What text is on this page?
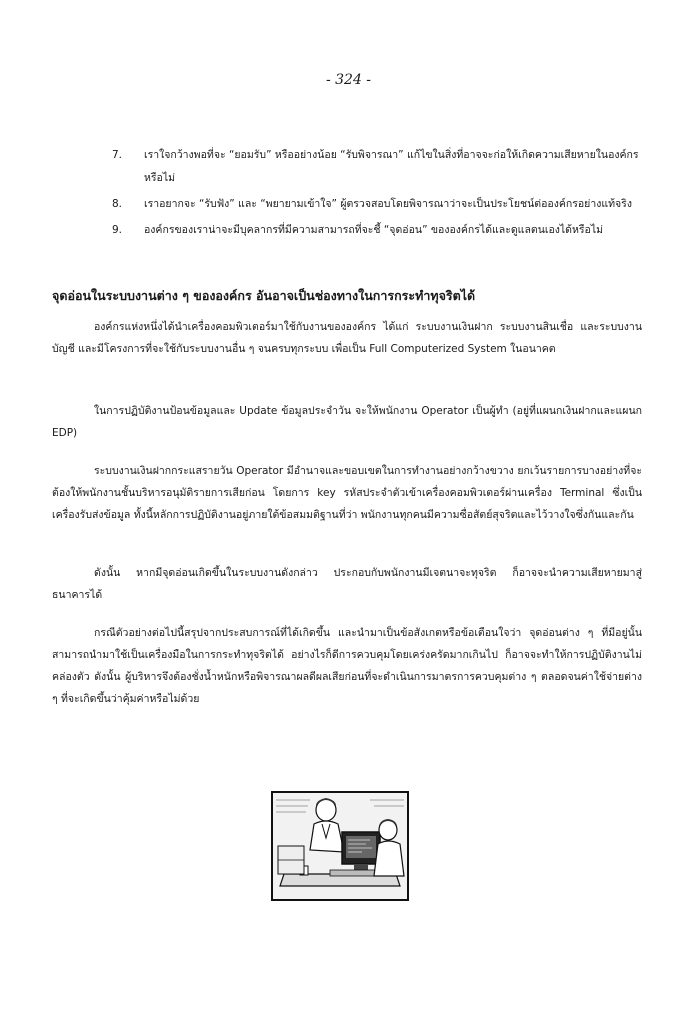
- 324 -
7. เราใจกว้างพอที่จะ “ยอมรับ” หรืออย่างน้อย “รับพิจารณา” แก้ไขในสิ่งที่อาจจะก่อให้เกิดความเสียหายในองค์กรหรือไม่
8. เราอยากจะ “รับฟัง” และ “พยายามเข้าใจ” ผู้ตรวจสอบโดยพิจารณาว่าจะเป็นประโยชน์ต่อองค์กรอย่างแท้จริง
9. องค์กรของเราน่าจะมีบุคลากรที่มีความสามารถที่จะชี้ “จุดอ่อน” ขององค์กรได้และดูแลตนเองได้หรือไม่
จุดอ่อนในระบบงานต่าง ๆ ขององค์กร อันอาจเป็นช่องทางในการกระทำทุจริตได้

องค์กรแห่งหนึ่งได้นำเครื่องคอมพิวเตอร์มาใช้กับงานขององค์กร ได้แก่ ระบบงานเงินฝาก ระบบงานสินเชื่อ และระบบงานบัญชี และมีโครงการที่จะใช้กับระบบงานอื่น ๆ จนครบทุกระบบ เพื่อเป็น Full Computerized System ในอนาคต

ในการปฏิบัติงานป้อนข้อมูลและ Update ข้อมูลประจำวัน จะให้พนักงาน Operator เป็นผู้ทำ (อยู่ที่แผนกเงินฝากและแผนก EDP)

ระบบงานเงินฝากกระแสรายวัน Operator มีอำนาจและขอบเขตในการทำงานอย่างกว้างขวาง ยกเว้นรายการบางอย่างที่จะต้องให้พนักงานชั้นบริหารอนุมัติรายการเสียก่อน โดยการ key รหัสประจำตัวเข้าเครื่องคอมพิวเตอร์ผ่านเครื่อง Terminal ซึ่งเป็นเครื่องรับส่งข้อมูล ทั้งนี้หลักการปฏิบัติงานอยู่ภายใต้ข้อสมมติฐานที่ว่า พนักงานทุกคนมีความซื่อสัตย์สุจริตและไว้วางใจซึ่งกันและกัน

ดังนั้น หากมีจุดอ่อนเกิดขึ้นในระบบงานดังกล่าว ประกอบกับพนักงานมีเจตนาจะทุจริต ก็อาจจะนำความเสียหายมาสู่ธนาคารได้

กรณีตัวอย่างต่อไปนี้สรุปจากประสบการณ์ที่ได้เกิดขึ้น และนำมาเป็นข้อสังเกตหรือข้อเตือนใจว่า จุดอ่อนต่าง ๆ ที่มีอยู่นั้นสามารถนำมาใช้เป็นเครื่องมือในการกระทำทุจริตได้ อย่างไรก็ดีการควบคุมโดยเคร่งครัดมากเกินไป ก็อาจจะทำให้การปฏิบัติงานไม่คล่องตัว ดังนั้น ผู้บริหารจึงต้องชั่งน้ำหนักหรือพิจารณาผลดีผลเสียก่อนที่จะดำเนินการมาตรการควบคุมต่าง ๆ ตลอดจนค่าใช้จ่ายต่าง ๆ ที่จะเกิดขึ้นว่าคุ้มค่าหรือไม่ด้วย
